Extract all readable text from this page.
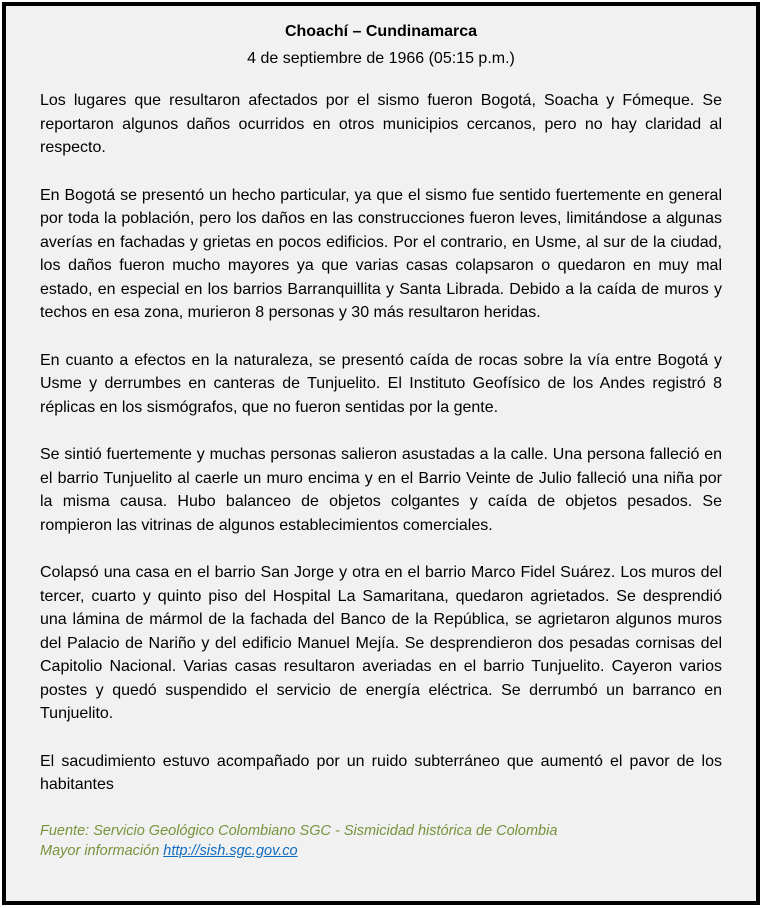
Choachí – Cundinamarca
4 de septiembre de 1966 (05:15 p.m.)

Los lugares que resultaron afectados por el sismo fueron Bogotá, Soacha y Fómeque. Se reportaron algunos daños ocurridos en otros municipios cercanos, pero no hay claridad al respecto.

En Bogotá se presentó un hecho particular, ya que el sismo fue sentido fuertemente en general por toda la población, pero los daños en las construcciones fueron leves, limitándose a algunas averías en fachadas y grietas en pocos edificios. Por el contrario, en Usme, al sur de la ciudad, los daños fueron mucho mayores ya que varias casas colapsaron o quedaron en muy mal estado, en especial en los barrios Barranquillita y Santa Librada. Debido a la caída de muros y techos en esa zona, murieron 8 personas y 30 más resultaron heridas.

En cuanto a efectos en la naturaleza, se presentó caída de rocas sobre la vía entre Bogotá y Usme y derrumbes en canteras de Tunjuelito. El Instituto Geofísico de los Andes registró 8 réplicas en los sismógrafos, que no fueron sentidas por la gente.

Se sintió fuertemente y muchas personas salieron asustadas a la calle. Una persona falleció en el barrio Tunjuelito al caerle un muro encima y en el Barrio Veinte de Julio falleció una niña por la misma causa. Hubo balanceo de objetos colgantes y caída de objetos pesados. Se rompieron las vitrinas de algunos establecimientos comerciales.

Colapsó una casa en el barrio San Jorge y otra en el barrio Marco Fidel Suárez. Los muros del tercer, cuarto y quinto piso del Hospital La Samaritana, quedaron agrietados. Se desprendió una lámina de mármol de la fachada del Banco de la República, se agrietaron algunos muros del Palacio de Nariño y del edificio Manuel Mejía. Se desprendieron dos pesadas cornisas del Capitolio Nacional. Varias casas resultaron averiadas en el barrio Tunjuelito. Cayeron varios postes y quedó suspendido el servicio de energía eléctrica. Se derrumbó un barranco en Tunjuelito.

El sacudimiento estuvo acompañado por un ruido subterráneo que aumentó el pavor de los habitantes

Fuente: Servicio Geológico Colombiano SGC - Sismicidad histórica de Colombia

Mayor información http://sish.sgc.gov.co
